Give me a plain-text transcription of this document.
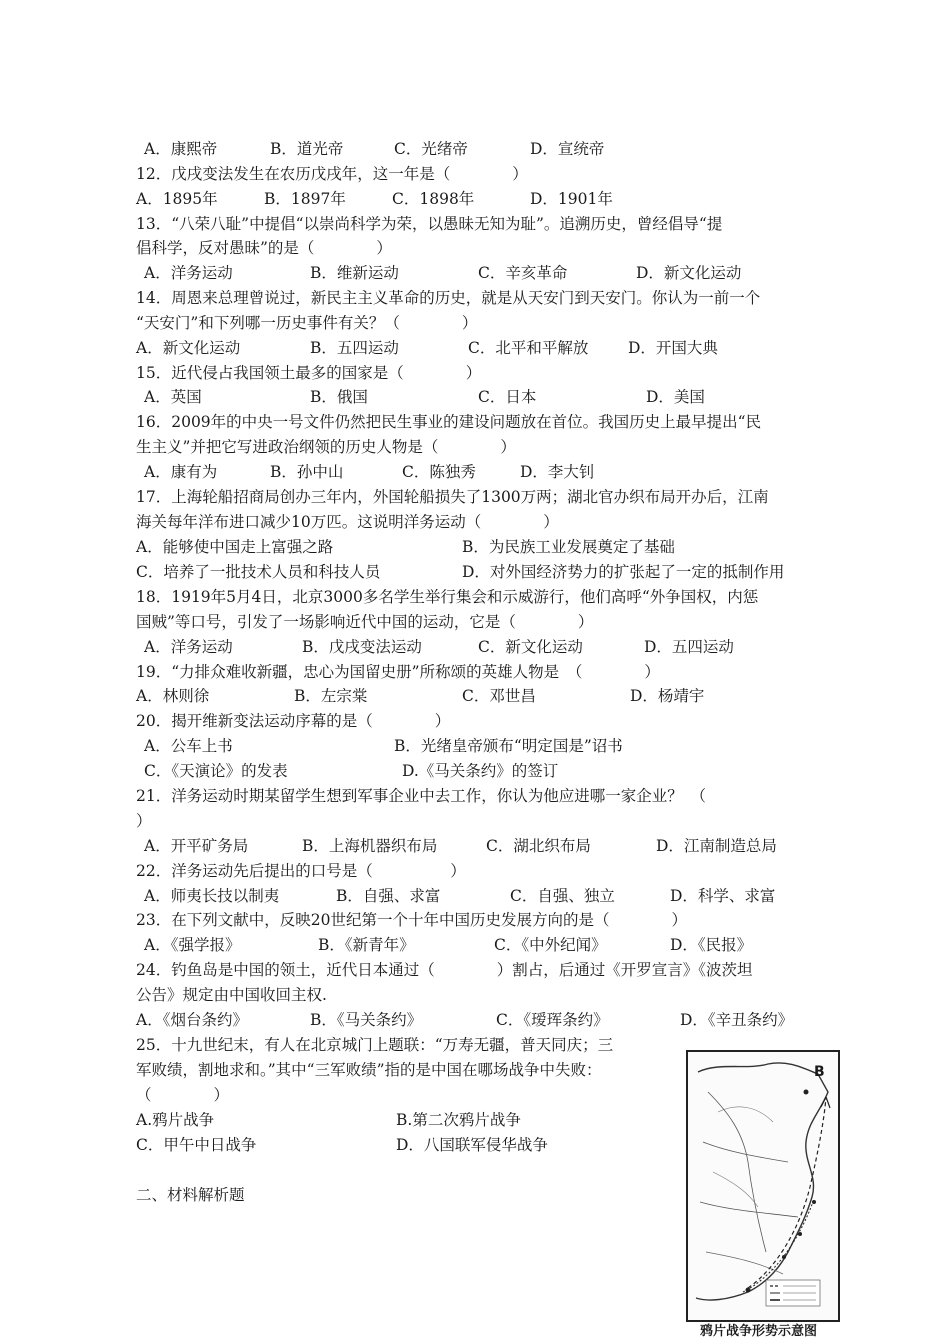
A．康熙帝	B．道光帝	C．光绪帝	D．宣统帝
12．戊戌变法发生在农历戊戌年，这一年是（　　　　）
A．1895年	B．1897年	C．1898年	D．1901年
13．“八荣八耻”中提倡“以崇尚科学为荣，以愚昧无知为耻”。追溯历史，曾经倡导“提
倡科学，反对愚昧”的是（　　　　）
A．洋务运动	B．维新运动	C．辛亥革命	D．新文化运动
14．周恩来总理曾说过，新民主主义革命的历史，就是从天安门到天安门。你认为一前一个
“天安门”和下列哪一历史事件有关？（　　　　）
A．新文化运动	B．五四运动	C．北平和平解放	D．开国大典
15．近代侵占我国领土最多的国家是（　　　　）
A．英国	B．俄国	C．日本	D．美国
16．2009年的中央一号文件仍然把民生事业的建设问题放在首位。我国历史上最早提出“民
生主义”并把它写进政治纲领的历史人物是（　　　　）
A．康有为	B．孙中山	C．陈独秀	D．李大钊
17．上海轮船招商局创办三年内，外国轮船损失了1300万两；湖北官办织布局开办后，江南
海关每年洋布进口减少10万匹。这说明洋务运动（　　　　）
A．能够使中国走上富强之路	B．为民族工业发展奠定了基础
C．培养了一批技术人员和科技人员	D．对外国经济势力的扩张起了一定的抵制作用
18．1919年5月4日，北京3000多名学生举行集会和示威游行，他们高呼“外争国权，内惩
国贼”等口号，引发了一场影响近代中国的运动，它是（　　　　）
A．洋务运动	B．戊戌变法运动	C．新文化运动	D．五四运动
19．“力排众难收新疆，忠心为国留史册”所称颂的英雄人物是　（　　　　）
A．林则徐	B．左宗棠	C．邓世昌	D．杨靖宇
20．揭开维新变法运动序幕的是（　　　　）
A．公车上书	B．光绪皇帝颁布“明定国是”诏书
C．《天演论》的发表	D.《马关条约》的签订
21．洋务运动时期某留学生想到军事企业中去工作，你认为他应进哪一家企业？　（
）
A．开平矿务局	B．上海机器织布局	C．湖北织布局	D．江南制造总局
22．洋务运动先后提出的口号是（　　　　　）
A．师夷长技以制夷	B．自强、求富	C．自强、独立	D．科学、求富
23．在下列文献中，反映20世纪第一个十年中国历史发展方向的是（　　　　）
A．《强学报》	B．《新青年》	C．《中外纪闻》	D．《民报》
24．钓鱼岛是中国的领土，近代日本通过（　　　　）割占，后通过《开罗宣言》《波茨坦
公告》规定由中国收回主权.
A．《烟台条约》	B．《马关条约》	C．《瑷珲条约》	D．《辛丑条约》
25．十九世纪末，有人在北京城门上题联：“万寿无疆，普天同庆；三
军败绩，割地求和。”其中“三军败绩”指的是中国在哪场战争中失败：
（　　　　）
A.鸦片战争	B.第二次鸦片战争
C．甲午中日战争	D．八国联军侵华战争
二、材料解析题
B
鸦片战争形势示意图
